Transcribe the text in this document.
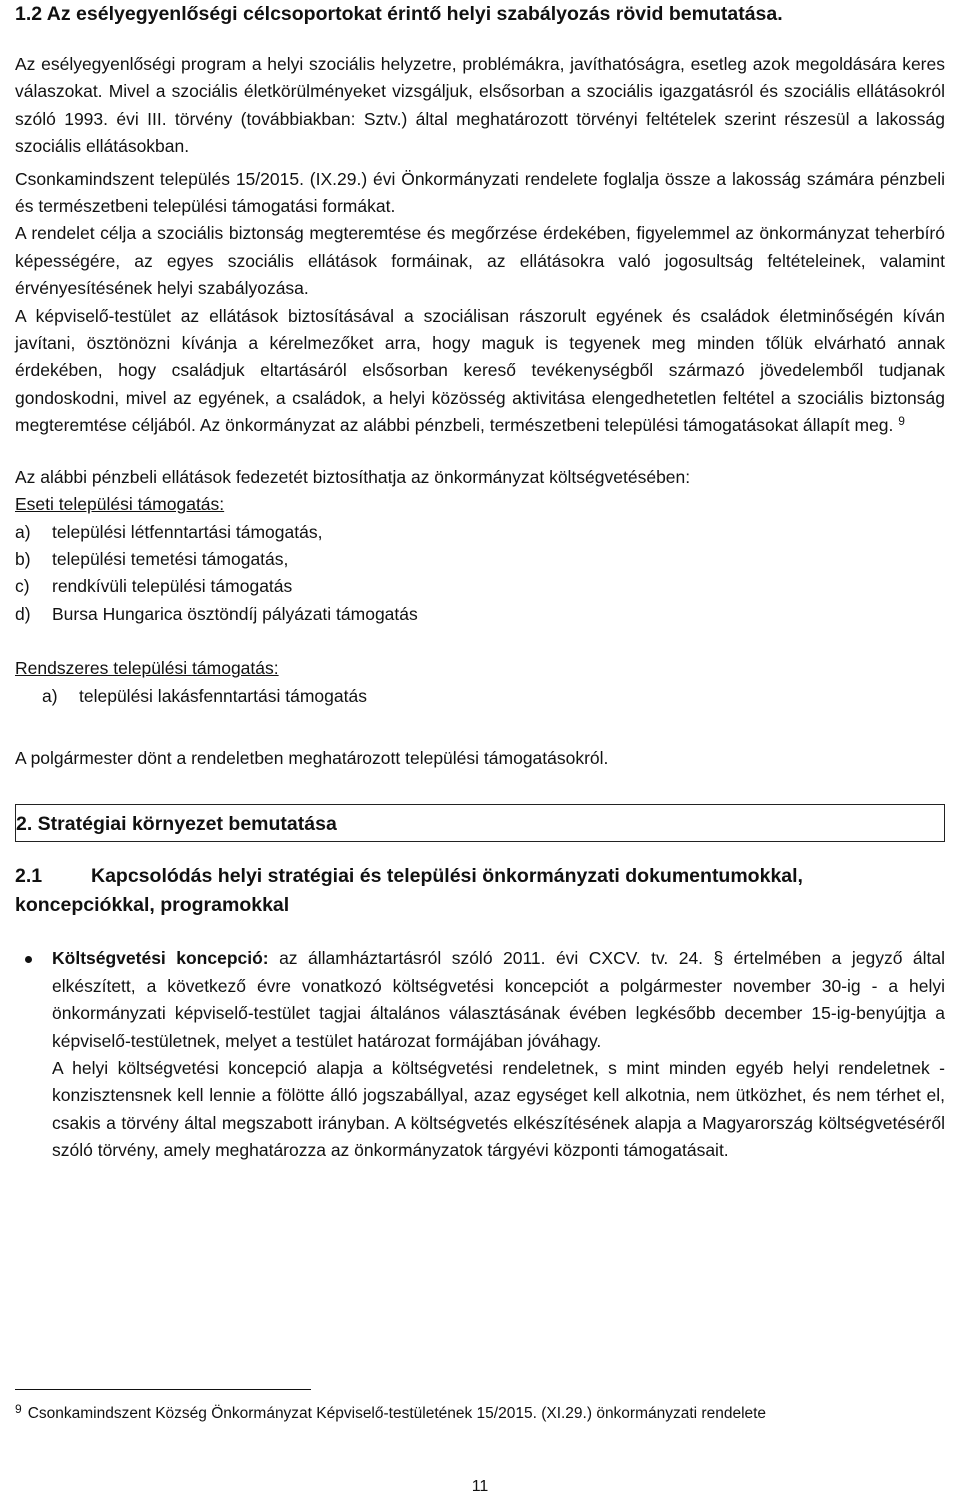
1.2 Az esélyegyenlőségi célcsoportokat érintő helyi szabályozás rövid bemutatása.

Az esélyegyenlőségi program a helyi szociális helyzetre, problémákra, javíthatóságra, esetleg azok megoldására keres válaszokat. Mivel a szociális életkörülményeket vizsgáljuk, elsősorban a szociális igazgatásról és szociális ellátásokról szóló 1993. évi III. törvény (továbbiakban: Sztv.) által meghatározott törvényi feltételek szerint részesül a lakosság szociális ellátásokban.

Csonkamindszent település 15/2015. (IX.29.) évi Önkormányzati rendelete foglalja össze a lakosság számára pénzbeli és természetbeni települési támogatási formákat.

A rendelet célja a szociális biztonság megteremtése és megőrzése érdekében, figyelemmel az önkormányzat teherbíró képességére, az egyes szociális ellátások formáinak, az ellátásokra való jogosultság feltételeinek, valamint érvényesítésének helyi szabályozása.

A képviselő-testület az ellátások biztosításával a szociálisan rászorult egyének és családok életminőségén kíván javítani, ösztönözni kívánja a kérelmezőket arra, hogy maguk is tegyenek meg minden tőlük elvárható annak érdekében, hogy családjuk eltartásáról elsősorban kereső tevékenységből származó jövedelemből tudjanak gondoskodni, mivel az egyének, a családok, a helyi közösség aktivitása elengedhetetlen feltétel a szociális biztonság megteremtése céljából. Az önkormányzat az alábbi pénzbeli, természetbeni települési támogatásokat állapít meg. $^9$

Az alábbi pénzbeli ellátások fedezetét biztosíthatja az önkormányzat költségvetésében:

Eseti települési támogatás:

a) települési létfenntartási támogatás,
b) települési temetési támogatás,
c) rendkívüli települési támogatás
d) Bursa Hungarica ösztöndíj pályázati támogatás

Rendszeres települési támogatás:

a) települési lakásfenntartási támogatás

A polgármester dönt a rendeletben meghatározott települési támogatásokról.

2. Stratégiai környezet bemutatása
2.1	Kapcsolódás helyi stratégiai és települési önkormányzati dokumentumokkal, koncepciókkal, programokkal

Költségvetési koncepció: az államháztartásról szóló 2011. évi CXCV. tv. 24. § értelmében a jegyző által elkészített, a következő évre vonatkozó költségvetési koncepciót a polgármester november 30-ig - a helyi önkormányzati képviselő-testület tagjai általános választásának évében legkésőbb december 15-ig-benyújtja a képviselő-testületnek, melyet a testület határozat formájában jóváhagy.

A helyi költségvetési koncepció alapja a költségvetési rendeletnek, s mint minden egyéb helyi rendeletnek - konzisztensnek kell lennie a fölötte álló jogszabállyal, azaz egységet kell alkotnia, nem ütközhet, és nem térhet el, csakis a törvény által megszabott irányban. A költségvetés elkészítésének alapja a Magyarország költségvetéséről szóló törvény, amely meghatározza az önkormányzatok tárgyévi központi támogatásait.

$^9$ Csonkamindszent Község Önkormányzat Képviselő-testületének 15/2015. (XI.29.) önkormányzati rendelete
11
